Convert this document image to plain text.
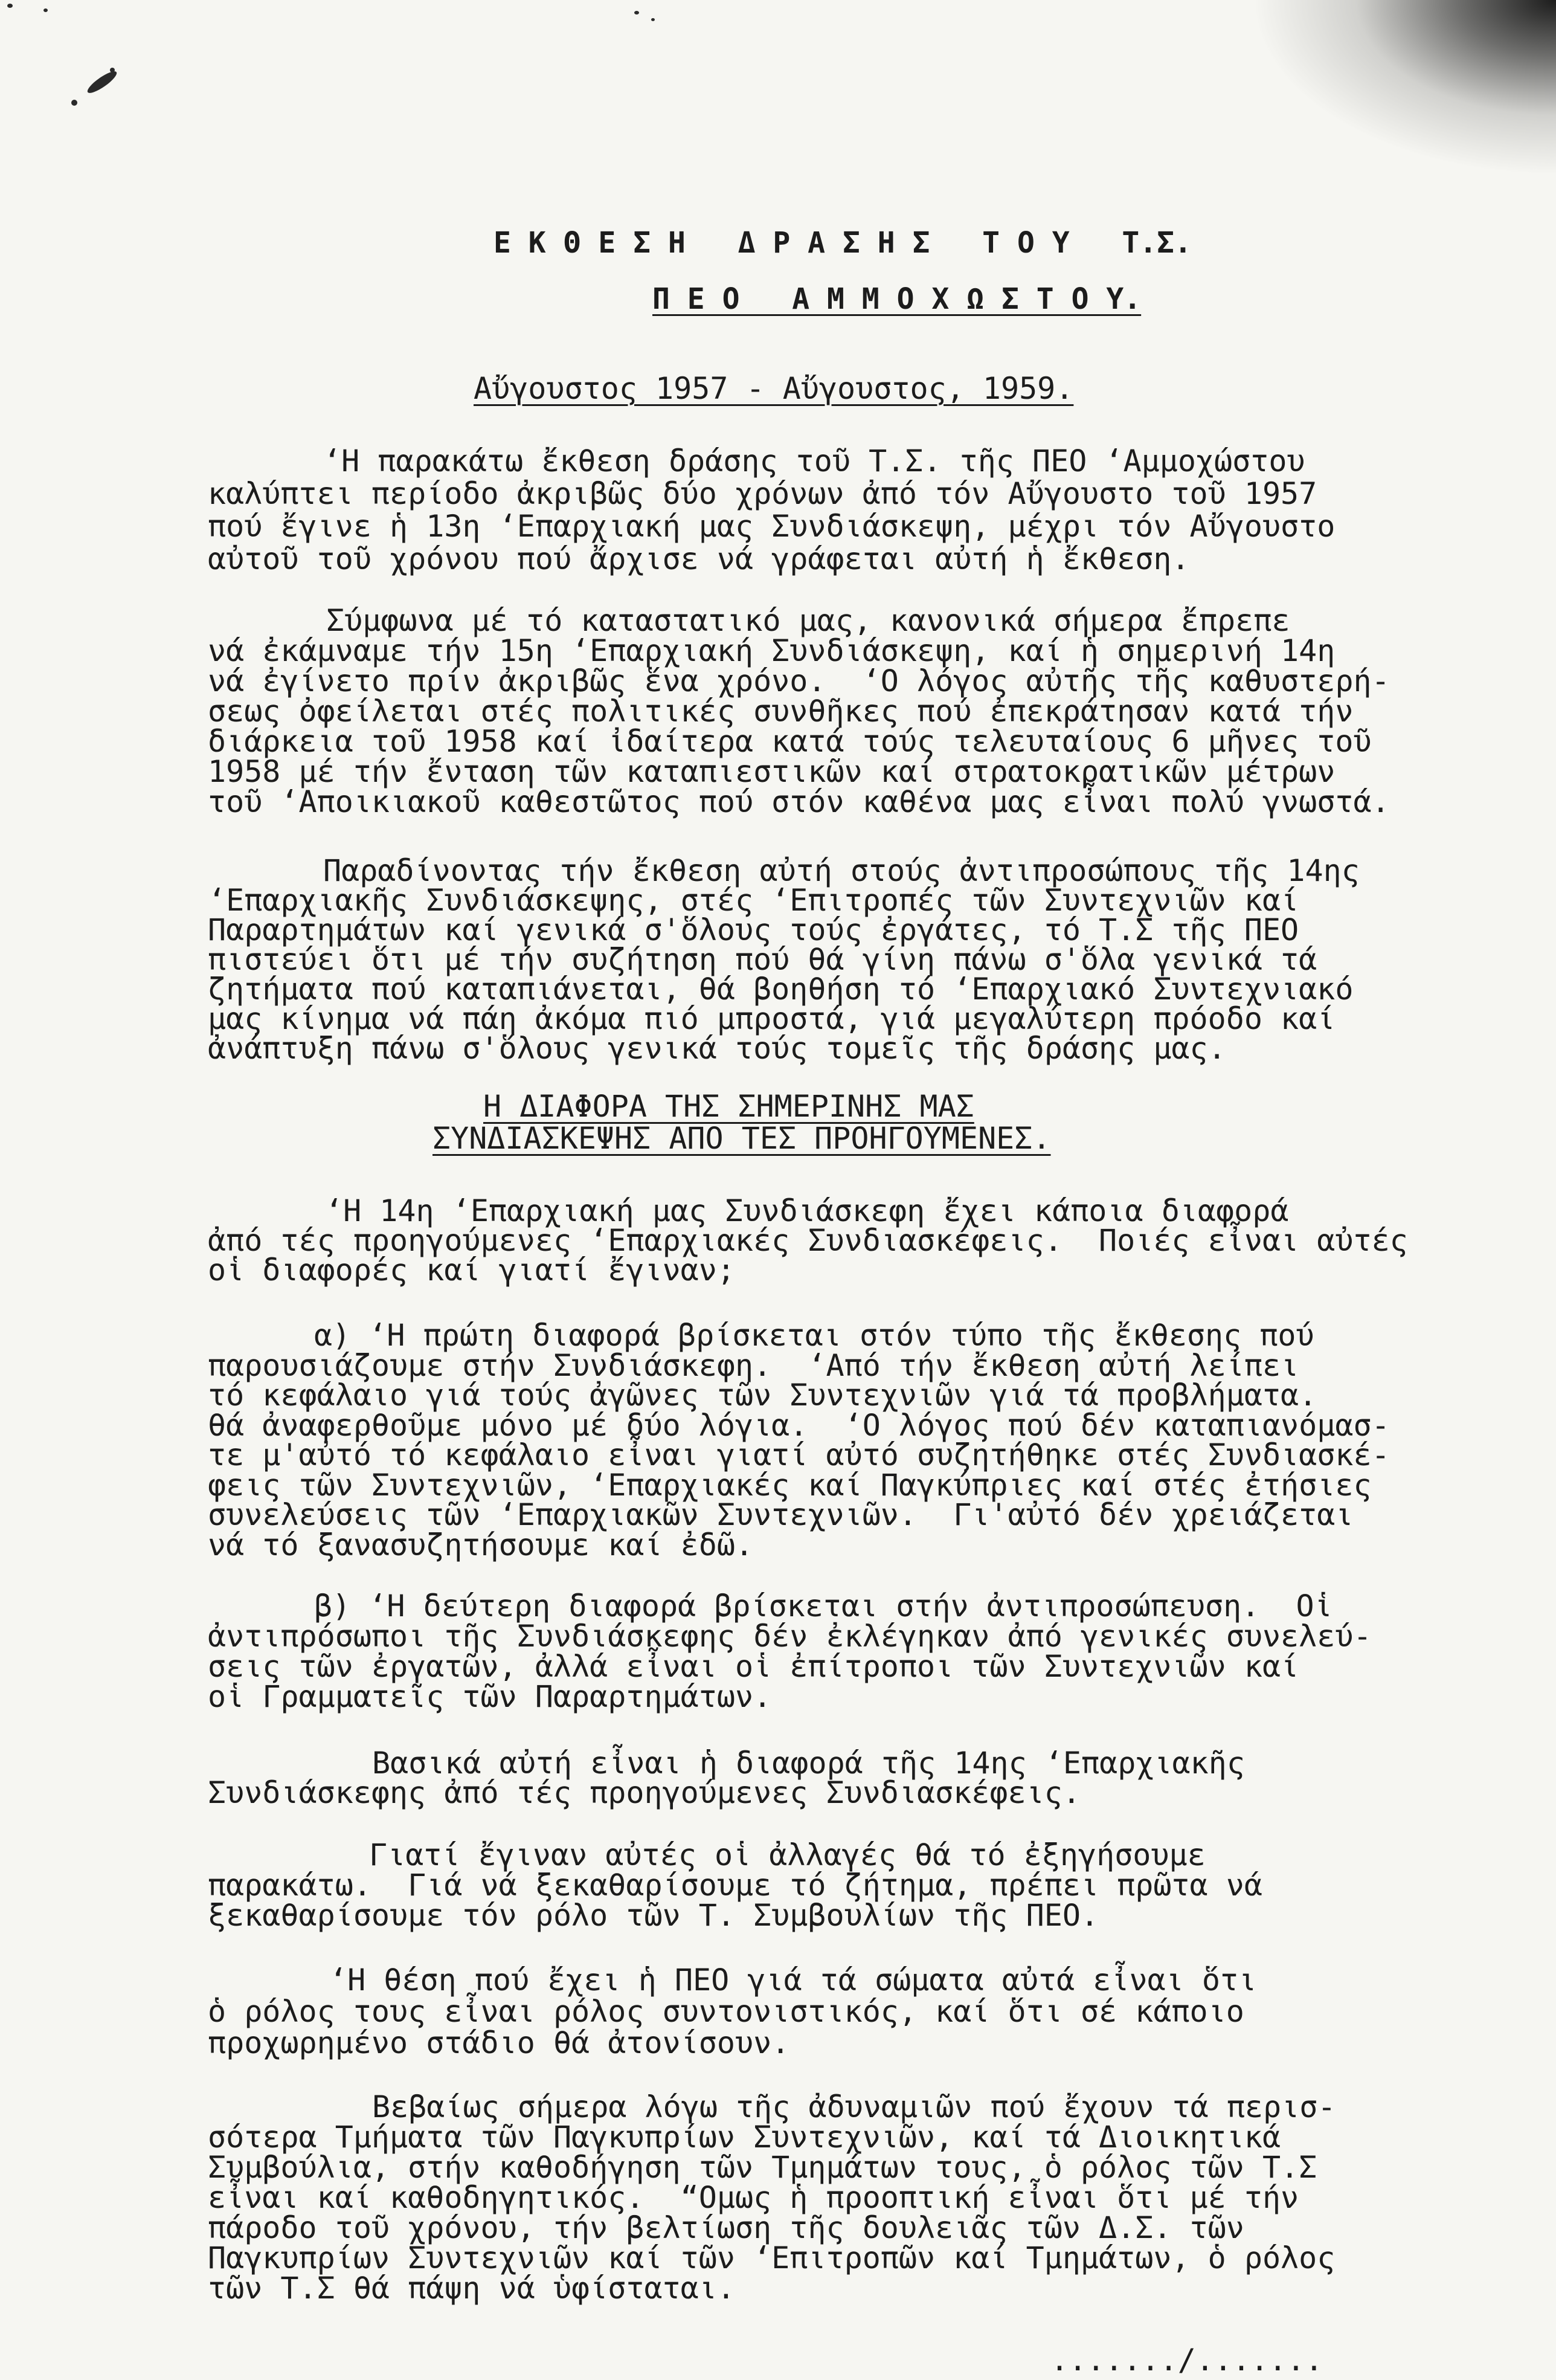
Ε Κ Θ Ε Σ Η   Δ Ρ Α Σ Η Σ   Τ Ο Υ   Τ.Σ.
Π Ε Ο   Α Μ Μ Ο Χ Ω Σ Τ Ο Υ.
Αὔγουστος 1957 - Αὔγουστος, 1959.
‘Η παρακάτω ἔκθεση δράσης τοῦ Τ.Σ. τῆς ΠΕΟ ‘Αμμοχώστου
καλύπτει περίοδο ἀκριβῶς δύο χρόνων ἀπό τόν Αὔγουστο τοῦ 1957
πού ἔγινε ἡ 13η ‘Επαρχιακή μας Συνδιάσκεψη, μέχρι τόν Αὔγουστο
αὐτοῦ τοῦ χρόνου πού ἄρχισε νά γράφεται αὐτή ἡ ἔκθεση.
Σύμφωνα μέ τό καταστατικό μας, κανονικά σήμερα ἔπρεπε
νά ἐκάμναμε τήν 15η ‘Επαρχιακή Συνδιάσκεψη, καί ἡ σημερινή 14η
νά ἐγίνετο πρίν ἀκριβῶς ἕνα χρόνο.  ‘Ο λόγος αὐτῆς τῆς καθυστερή-
σεως ὀφείλεται στές πολιτικές συνθῆκες πού ἐπεκράτησαν κατά τήν
διάρκεια τοῦ 1958 καί ἰδαίτερα κατά τούς τελευταίους 6 μῆνες τοῦ
1958 μέ τήν ἔνταση τῶν καταπιεστικῶν καί στρατοκρατικῶν μέτρων
τοῦ ‘Αποικιακοῦ καθεστῶτος πού στόν καθένα μας εἶναι πολύ γνωστά.
Παραδίνοντας τήν ἔκθεση αὐτή στούς ἀντιπροσώπους τῆς 14ης
‘Επαρχιακῆς Συνδιάσκεψης, στές ‘Επιτροπές τῶν Συντεχνιῶν καί
Παραρτημάτων καί γενικά σ'ὅλους τούς ἐργάτες, τό Τ.Σ τῆς ΠΕΟ
πιστεύει ὅτι μέ τήν συζήτηση πού θά γίνη πάνω σ'ὅλα γενικά τά
ζητήματα πού καταπιάνεται, θά βοηθήση τό ‘Επαρχιακό Συντεχνιακό
μας κίνημα νά πάη ἀκόμα πιό μπροστά, γιά μεγαλύτερη πρόοδο καί
ἀνάπτυξη πάνω σ'ὅλους γενικά τούς τομεῖς τῆς δράσης μας.
Η ΔΙΑΦΟΡΑ ΤΗΣ ΣΗΜΕΡΙΝΗΣ ΜΑΣ
ΣΥΝΔΙΑΣΚΕΨΗΣ ΑΠΟ ΤΕΣ ΠΡΟΗΓΟΥΜΕΝΕΣ.
‘Η 14η ‘Επαρχιακή μας Συνδιάσκεφη ἔχει κάποια διαφορά
ἀπό τές προηγούμενες ‘Επαρχιακές Συνδιασκέφεις.  Ποιές εἶναι αὐτές
οἱ διαφορές καί γιατί ἔγιναν;
α) ‘Η πρώτη διαφορά βρίσκεται στόν τύπο τῆς ἔκθεσης πού
παρουσιάζουμε στήν Συνδιάσκεφη.  ‘Από τήν ἔκθεση αὐτή λείπει
τό κεφάλαιο γιά τούς ἀγῶνες τῶν Συντεχνιῶν γιά τά προβλήματα.
θά ἀναφερθοῦμε μόνο μέ δύο λόγια.  ‘Ο λόγος πού δέν καταπιανόμασ-
τε μ'αὐτό τό κεφάλαιο εἶναι γιατί αὐτό συζητήθηκε στές Συνδιασκέ-
φεις τῶν Συντεχνιῶν, ‘Επαρχιακές καί Παγκύπριες καί στές ἐτήσιες
συνελεύσεις τῶν ‘Επαρχιακῶν Συντεχνιῶν.  Γι'αὐτό δέν χρειάζεται
νά τό ξανασυζητήσουμε καί ἐδῶ.
β) ‘Η δεύτερη διαφορά βρίσκεται στήν ἀντιπροσώπευση.  Οἱ
ἀντιπρόσωποι τῆς Συνδιάσκεφης δέν ἐκλέγηκαν ἀπό γενικές συνελεύ-
σεις τῶν ἐργατῶν, ἀλλά εἶναι οἱ ἐπίτροποι τῶν Συντεχνιῶν καί
οἱ Γραμματεῖς τῶν Παραρτημάτων.
Βασικά αὐτή εἶναι ἡ διαφορά τῆς 14ης ‘Επαρχιακῆς
Συνδιάσκεφης ἀπό τές προηγούμενες Συνδιασκέφεις.
Γιατί ἔγιναν αὐτές οἱ ἀλλαγές θά τό ἐξηγήσουμε
παρακάτω.  Γιά νά ξεκαθαρίσουμε τό ζήτημα, πρέπει πρῶτα νά
ξεκαθαρίσουμε τόν ρόλο τῶν Τ. Συμβουλίων τῆς ΠΕΟ.
‘Η θέση πού ἔχει ἡ ΠΕΟ γιά τά σώματα αὐτά εἶναι ὅτι
ὁ ρόλος τους εἶναι ρόλος συντονιστικός, καί ὅτι σέ κάποιο
προχωρημένο στάδιο θά ἀτονίσουν.
Βεβαίως σήμερα λόγω τῆς ἀδυναμιῶν πού ἔχουν τά περισ-
σότερα Τμήματα τῶν Παγκυπρίων Συντεχνιῶν, καί τά Διοικητικά
Συμβούλια, στήν καθοδήγηση τῶν Τμημάτων τους, ὁ ρόλος τῶν Τ.Σ
εἶναι καί καθοδηγητικός.  “Ομως ἡ προοπτική εἶναι ὅτι μέ τήν
πάροδο τοῦ χρόνου, τήν βελτίωση τῆς δουλειᾶς τῶν Δ.Σ. τῶν
Παγκυπρίων Συντεχνιῶν καί τῶν ‘Επιτροπῶν καί Τμημάτων, ὁ ρόλος
τῶν Τ.Σ θά πάψη νά ὑφίσταται.
......./.......
